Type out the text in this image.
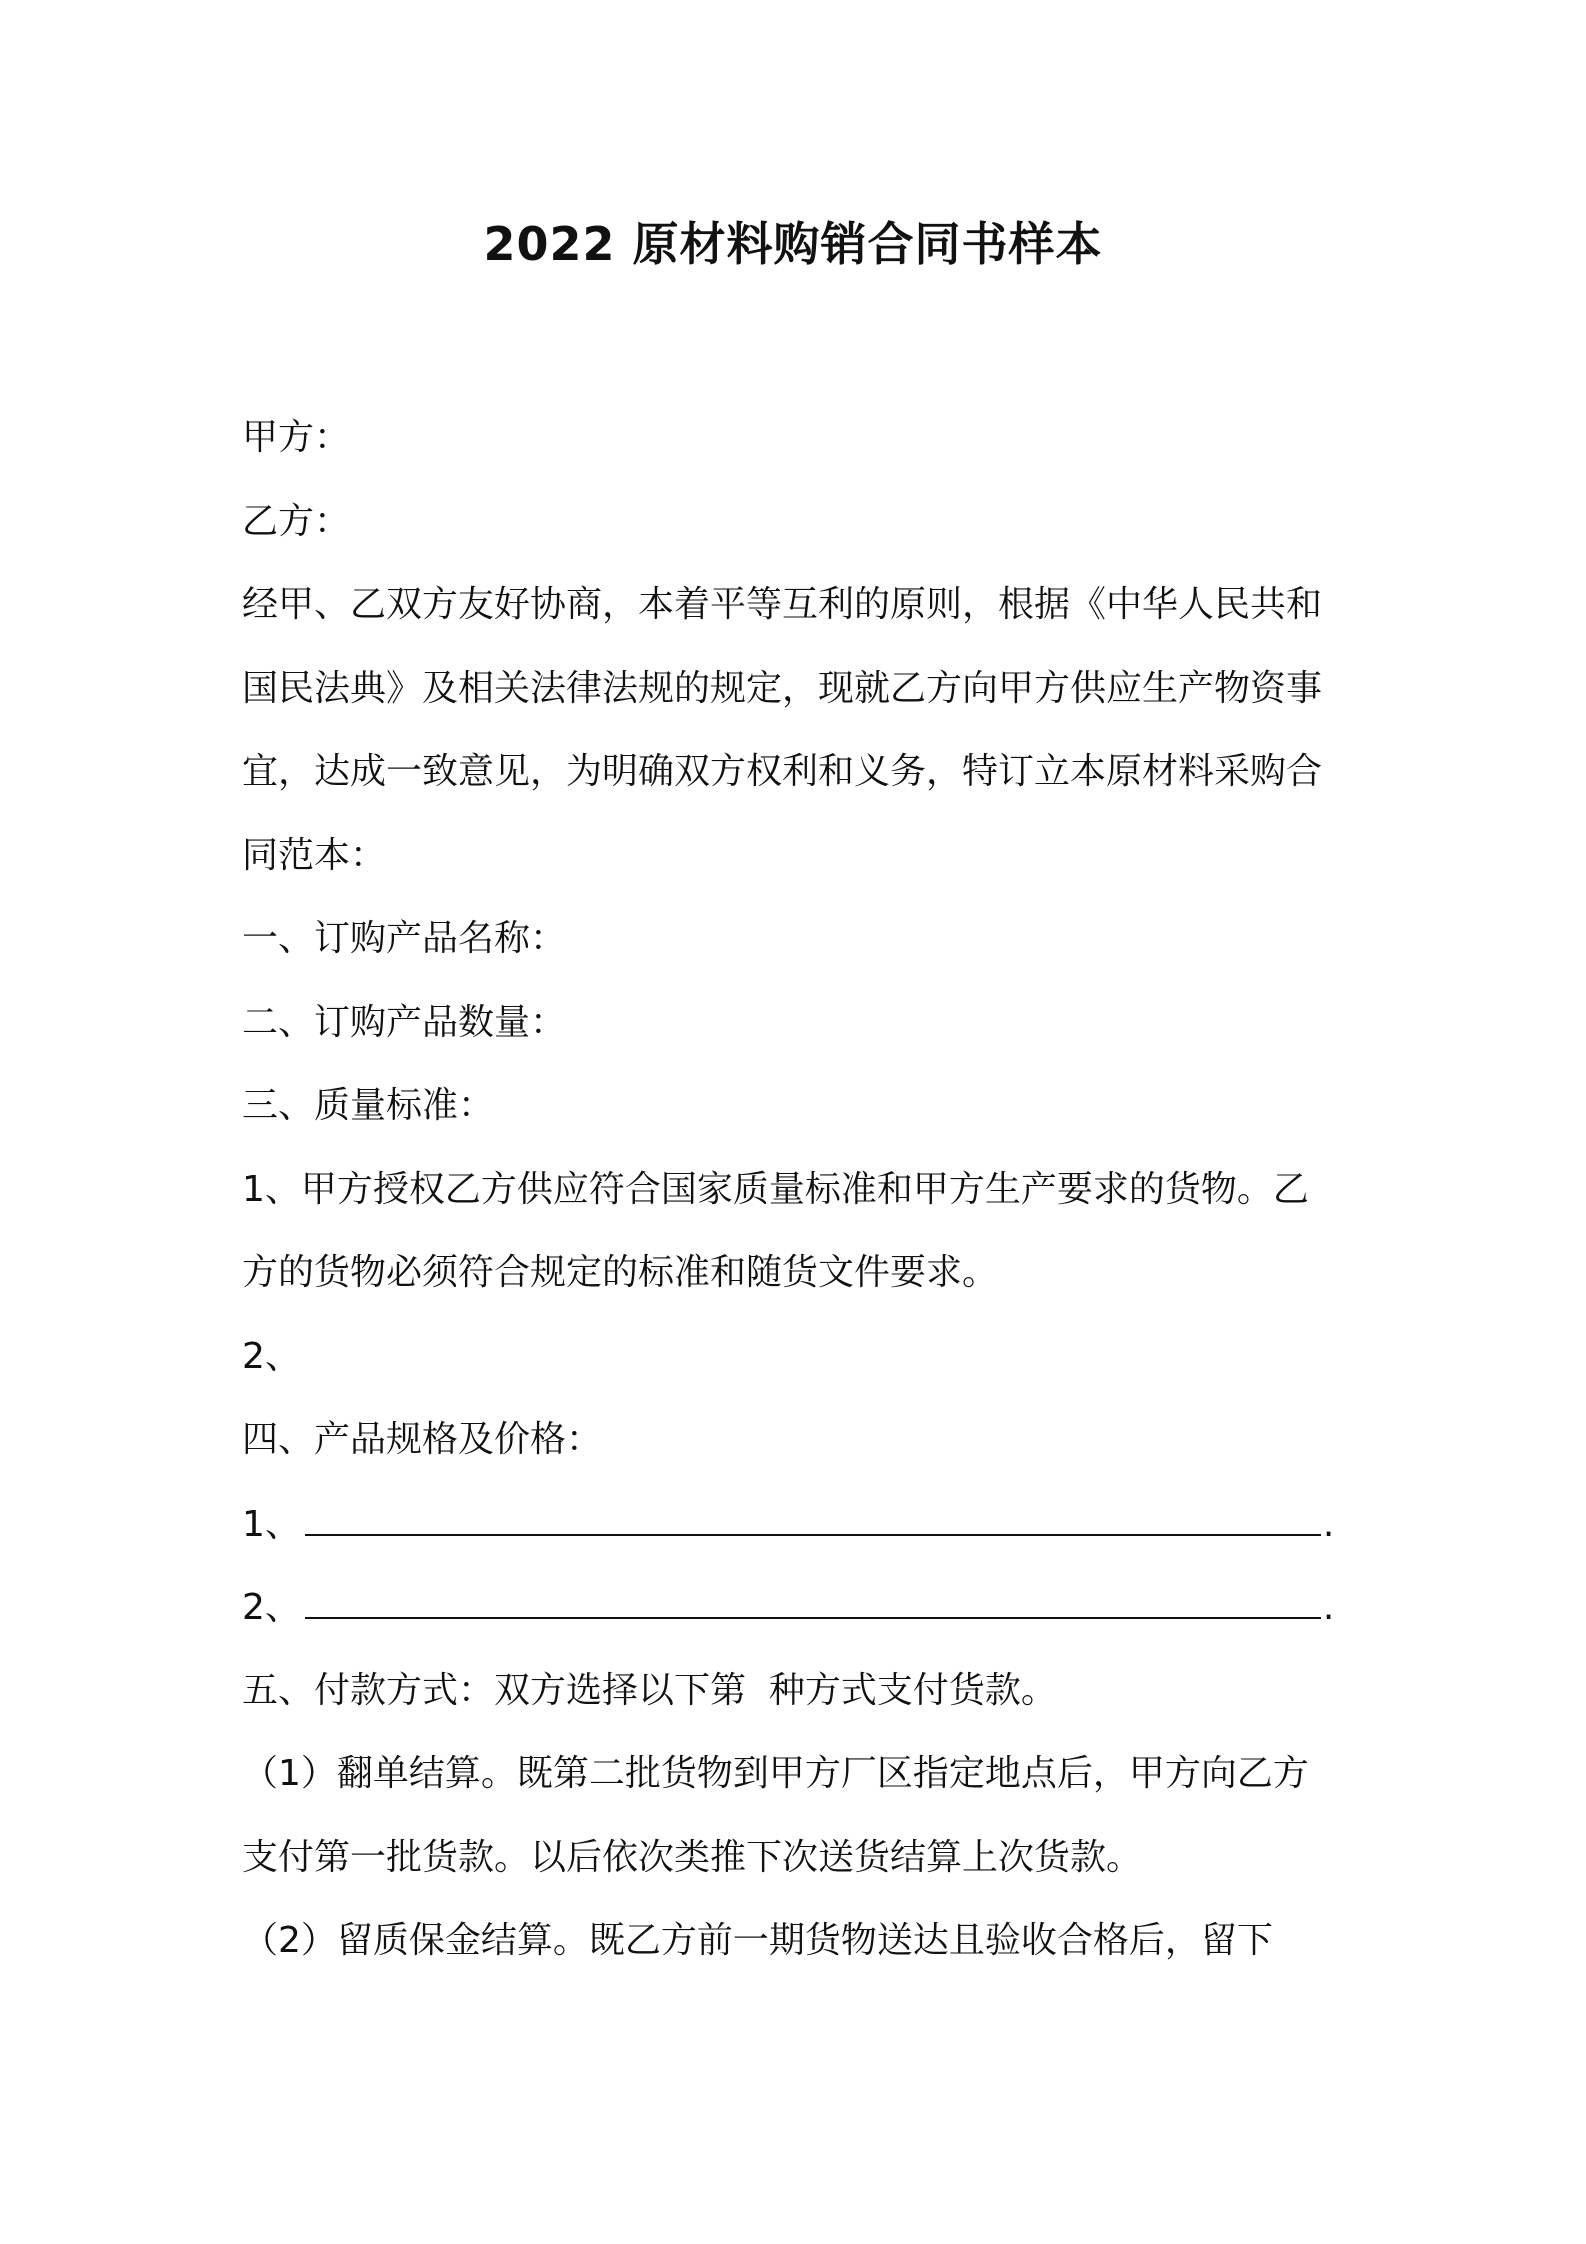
2022 原材料购销合同书样本
甲方：
乙方：
经甲、乙双方友好协商，本着平等互利的原则，根据《中华人民共和
国民法典》及相关法律法规的规定，现就乙方向甲方供应生产物资事
宜，达成一致意见，为明确双方权利和义务，特订立本原材料采购合
同范本：
一、订购产品名称：
二、订购产品数量：
三、质量标准：
1、甲方授权乙方供应符合国家质量标准和甲方生产要求的货物。乙
方的货物必须符合规定的标准和随货文件要求。
2、
四、产品规格及价格：
1、	.
2、	.
五、付款方式：双方选择以下第  种方式支付货款。
（1）翻单结算。既第二批货物到甲方厂区指定地点后，甲方向乙方
支付第一批货款。以后依次类推下次送货结算上次货款。
（2）留质保金结算。既乙方前一期货物送达且验收合格后，留下
